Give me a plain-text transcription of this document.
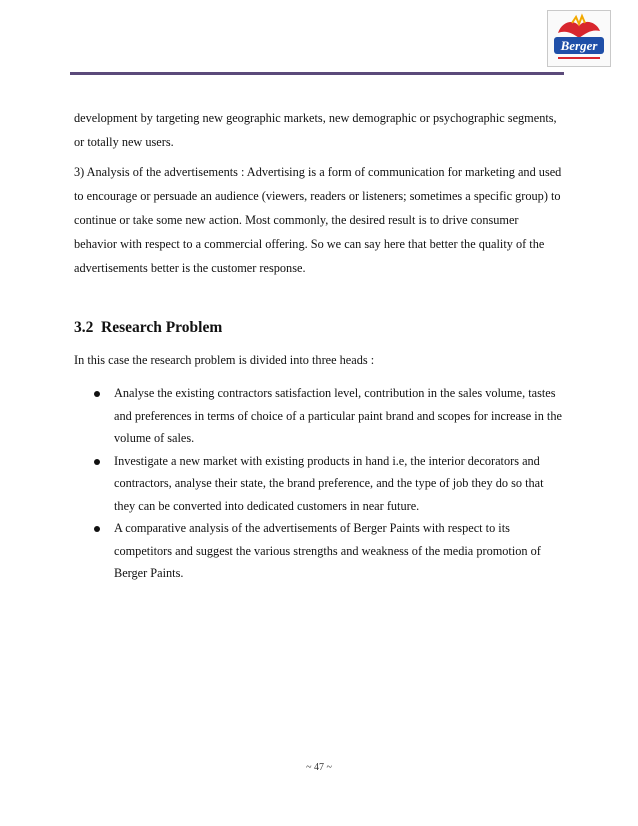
Berger

development by targeting new geographic markets, new demographic or psychographic segments, or totally new users.

3) Analysis of the advertisements : Advertising is a form of communication for marketing and used to encourage or persuade an audience (viewers, readers or listeners; sometimes a specific group) to continue or take some new action. Most commonly, the desired result is to drive consumer behavior with respect to a commercial offering. So we can say here that better the quality of the advertisements better is the customer response.

3.2 Research Problem

In this case the research problem is divided into three heads :

Analyse the existing contractors satisfaction level, contribution in the sales volume, tastes and preferences in terms of choice of a particular paint brand and scopes for increase in the volume of sales.
Investigate a new market with existing products in hand i.e, the interior decorators and contractors, analyse their state, the brand preference, and the type of job they do so that they can be converted into dedicated customers in near future.
A comparative analysis of the advertisements of Berger Paints with respect to its competitors and suggest the various strengths and weakness of the media promotion of Berger Paints.
~ 47 ~
